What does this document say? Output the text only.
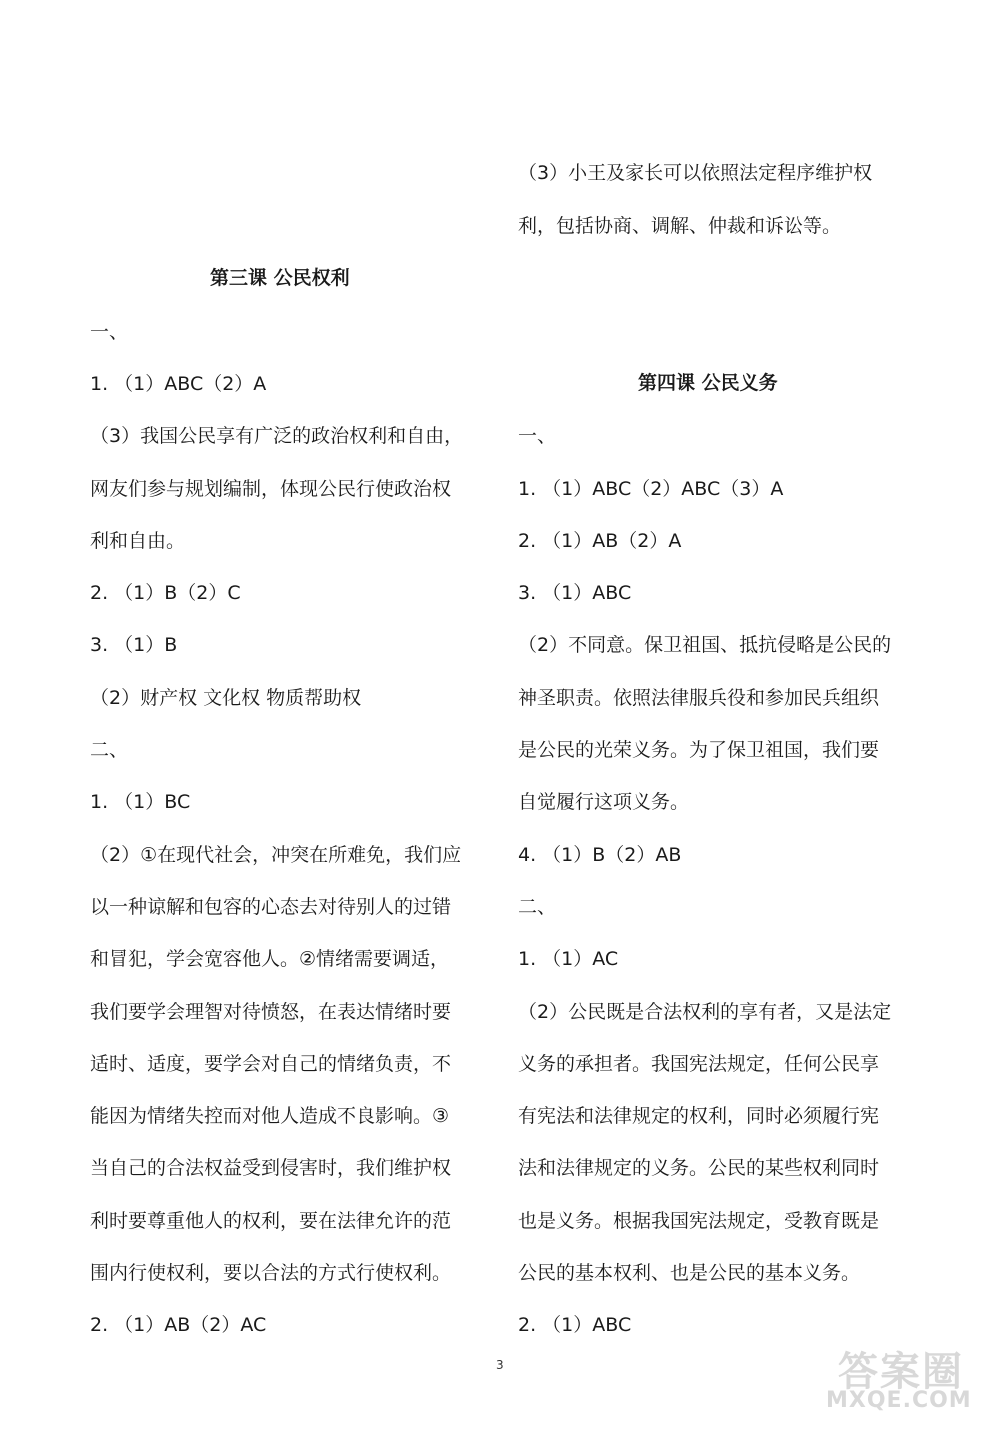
第三课 公民权利
一、
1. （1）ABC（2）A
（3）我国公民享有广泛的政治权利和自由，
网友们参与规划编制，体现公民行使政治权
利和自由。
2. （1）B（2）C
3. （1）B
（2）财产权 文化权 物质帮助权
二、
1. （1）BC
（2）①在现代社会，冲突在所难免，我们应
以一种谅解和包容的心态去对待别人的过错
和冒犯，学会宽容他人。②情绪需要调适，
我们要学会理智对待愤怒，在表达情绪时要
适时、适度，要学会对自己的情绪负责，不
能因为情绪失控而对他人造成不良影响。③
当自己的合法权益受到侵害时，我们维护权
利时要尊重他人的权利，要在法律允许的范
围内行使权利，要以合法的方式行使权利。
2. （1）AB（2）AC
（3）小王及家长可以依照法定程序维护权
利，包括协商、调解、仲裁和诉讼等。
第四课 公民义务
一、
1. （1）ABC（2）ABC（3）A
2. （1）AB（2）A
3. （1）ABC
（2）不同意。保卫祖国、抵抗侵略是公民的
神圣职责。依照法律服兵役和参加民兵组织
是公民的光荣义务。为了保卫祖国，我们要
自觉履行这项义务。
4. （1）B（2）AB
二、
1. （1）AC
（2）公民既是合法权利的享有者，又是法定
义务的承担者。我国宪法规定，任何公民享
有宪法和法律规定的权利，同时必须履行宪
法和法律规定的义务。公民的某些权利同时
也是义务。根据我国宪法规定，受教育既是
公民的基本权利、也是公民的基本义务。
2. （1）ABC
3	答案圈
MXQE.COM
